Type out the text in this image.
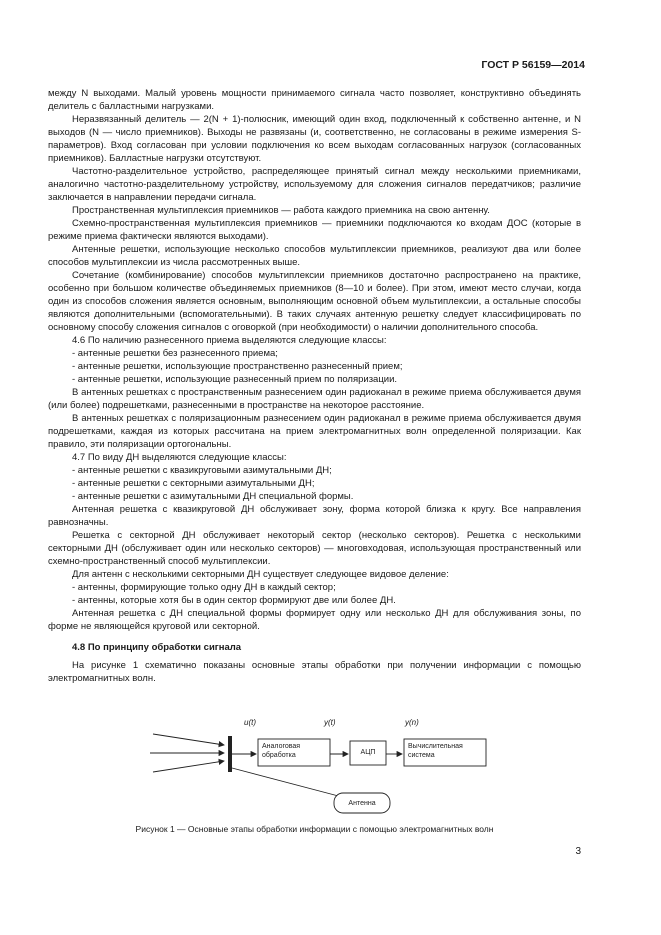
ГОСТ Р 56159—2014

между N выходами. Малый уровень мощности принимаемого сигнала часто позволяет, конструктивно объединять делитель с балластными нагрузками.

Неразвязанный делитель — 2(N + 1)-полюсник, имеющий один вход, подключенный к собственно антенне, и N выходов (N — число приемников). Выходы не развязаны (и, соответственно, не согласованы в режиме измерения S-параметров). Вход согласован при условии подключения ко всем выходам согласованных нагрузок (согласованных приемников). Балластные нагрузки отсутствуют.

Частотно-разделительное устройство, распределяющее принятый сигнал между несколькими приемниками, аналогично частотно-разделительному устройству, используемому для сложения сигналов передатчиков; различие заключается в направлении передачи сигнала.

Пространственная мультиплексия приемников — работа каждого приемника на свою антенну.

Схемно-пространственная мультиплексия приемников — приемники подключаются ко входам ДОС (которые в режиме приема фактически являются выходами).

Антенные решетки, использующие несколько способов мультиплексии приемников, реализуют два или более способов мультиплексии из числа рассмотренных выше.

Сочетание (комбинирование) способов мультиплексии приемников достаточно распространено на практике, особенно при большом количестве объединяемых приемников (8—10 и более). При этом, имеют место случаи, когда один из способов сложения является основным, выполняющим основной объем мультиплексии, а остальные способы являются дополнительными (вспомогательными). В таких случаях антенную решетку следует классифицировать по основному способу сложения сигналов с оговоркой (при необходимости) о наличии дополнительного способа.

4.6 По наличию разнесенного приема выделяются следующие классы:

- антенные решетки без разнесенного приема;

- антенные решетки, использующие пространственно разнесенный прием;

- антенные решетки, использующие разнесенный прием по поляризации.

В антенных решетках с пространственным разнесением один радиоканал в режиме приема обслуживается двумя (или более) подрешетками, разнесенными в пространстве на некоторое расстояние.

В антенных решетках с поляризационным разнесением один радиоканал в режиме приема обслуживается двумя подрешетками, каждая из которых рассчитана на прием электромагнитных волн определенной поляризации. Как правило, эти поляризации ортогональны.

4.7 По виду ДН выделяются следующие классы:

- антенные решетки с квазикруговыми азимутальными ДН;

- антенные решетки с секторными азимутальными ДН;

- антенные решетки с азимутальными ДН специальной формы.

Антенная решетка с квазикруговой ДН обслуживает зону, форма которой близка к кругу. Все направления равнозначны.

Решетка с секторной ДН обслуживает некоторый сектор (несколько секторов). Решетка с несколькими секторными ДН (обслуживает один или несколько секторов) — многовходовая, использующая пространственный или схемно-пространственный способ мультиплексии.

Для антенн с несколькими секторными ДН существует следующее видовое деление:

- антенны, формирующие только одну ДН в каждый сектор;

- антенны, которые хотя бы в один сектор формируют две или более ДН.

Антенная решетка с ДН специальной формы формирует одну или несколько ДН для обслуживания зоны, по форме не являющейся круговой или секторной.

4.8 По принципу обработки сигнала

На рисунке 1 схематично показаны основные этапы обработки при получении информации с помощью электромагнитных волн.

u(t)	y(t)	y(n)
Аналоговая обработка	АЦП
Вычислительная система
Антенна
Рисунок 1 — Основные этапы обработки информации с помощью электромагнитных волн
3
